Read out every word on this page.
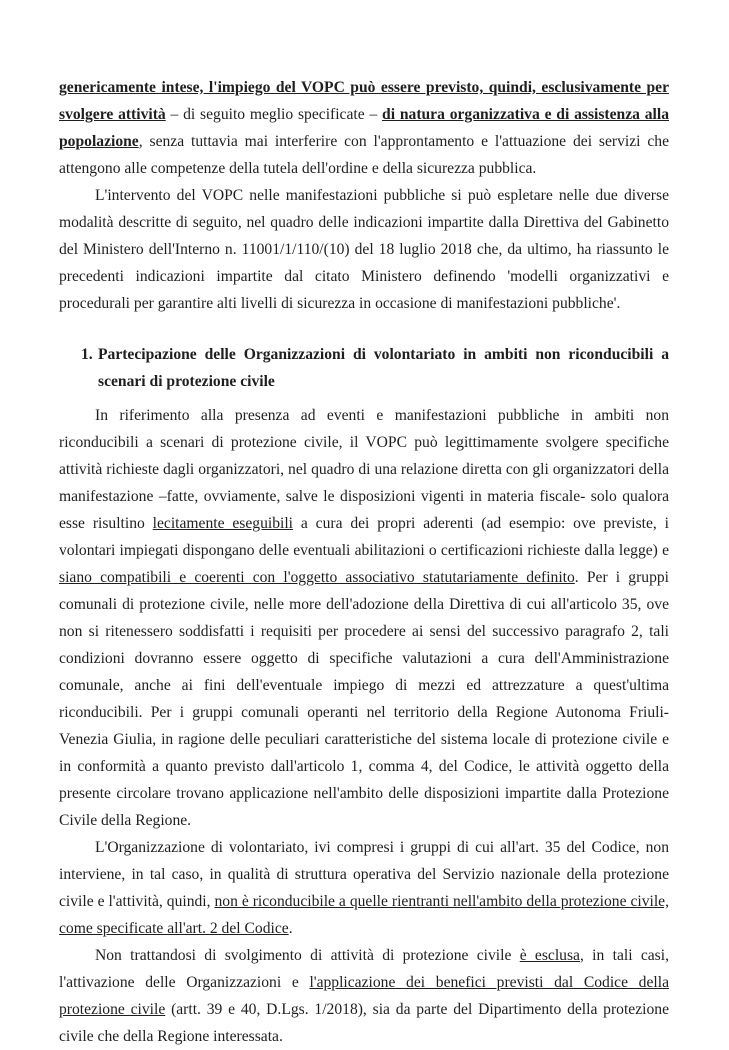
genericamente intese, l'impiego del VOPC può essere previsto, quindi, esclusivamente per svolgere attività – di seguito meglio specificate – di natura organizzativa e di assistenza alla popolazione, senza tuttavia mai interferire con l'approntamento e l'attuazione dei servizi che attengono alle competenze della tutela dell'ordine e della sicurezza pubblica.

L'intervento del VOPC nelle manifestazioni pubbliche si può espletare nelle due diverse modalità descritte di seguito, nel quadro delle indicazioni impartite dalla Direttiva del Gabinetto del Ministero dell'Interno n. 11001/1/110/(10) del 18 luglio 2018 che, da ultimo, ha riassunto le precedenti indicazioni impartite dal citato Ministero definendo 'modelli organizzativi e procedurali per garantire alti livelli di sicurezza in occasione di manifestazioni pubbliche'.

1. Partecipazione delle Organizzazioni di volontariato in ambiti non riconducibili a scenari di protezione civile

In riferimento alla presenza ad eventi e manifestazioni pubbliche in ambiti non riconducibili a scenari di protezione civile, il VOPC può legittimamente svolgere specifiche attività richieste dagli organizzatori, nel quadro di una relazione diretta con gli organizzatori della manifestazione –fatte, ovviamente, salve le disposizioni vigenti in materia fiscale- solo qualora esse risultino lecitamente eseguibili a cura dei propri aderenti (ad esempio: ove previste, i volontari impiegati dispongano delle eventuali abilitazioni o certificazioni richieste dalla legge) e siano compatibili e coerenti con l'oggetto associativo statutariamente definito. Per i gruppi comunali di protezione civile, nelle more dell'adozione della Direttiva di cui all'articolo 35, ove non si ritenessero soddisfatti i requisiti per procedere ai sensi del successivo paragrafo 2, tali condizioni dovranno essere oggetto di specifiche valutazioni a cura dell'Amministrazione comunale, anche ai fini dell'eventuale impiego di mezzi ed attrezzature a quest'ultima riconducibili. Per i gruppi comunali operanti nel territorio della Regione Autonoma Friuli-Venezia Giulia, in ragione delle peculiari caratteristiche del sistema locale di protezione civile e in conformità a quanto previsto dall'articolo 1, comma 4, del Codice, le attività oggetto della presente circolare trovano applicazione nell'ambito delle disposizioni impartite dalla Protezione Civile della Regione.

L'Organizzazione di volontariato, ivi compresi i gruppi di cui all'art. 35 del Codice, non interviene, in tal caso, in qualità di struttura operativa del Servizio nazionale della protezione civile e l'attività, quindi, non è riconducibile a quelle rientranti nell'ambito della protezione civile, come specificate all'art. 2 del Codice.

Non trattandosi di svolgimento di attività di protezione civile è esclusa, in tali casi, l'attivazione delle Organizzazioni e l'applicazione dei benefici previsti dal Codice della protezione civile (artt. 39 e 40, D.Lgs. 1/2018), sia da parte del Dipartimento della protezione civile che della Regione interessata.
